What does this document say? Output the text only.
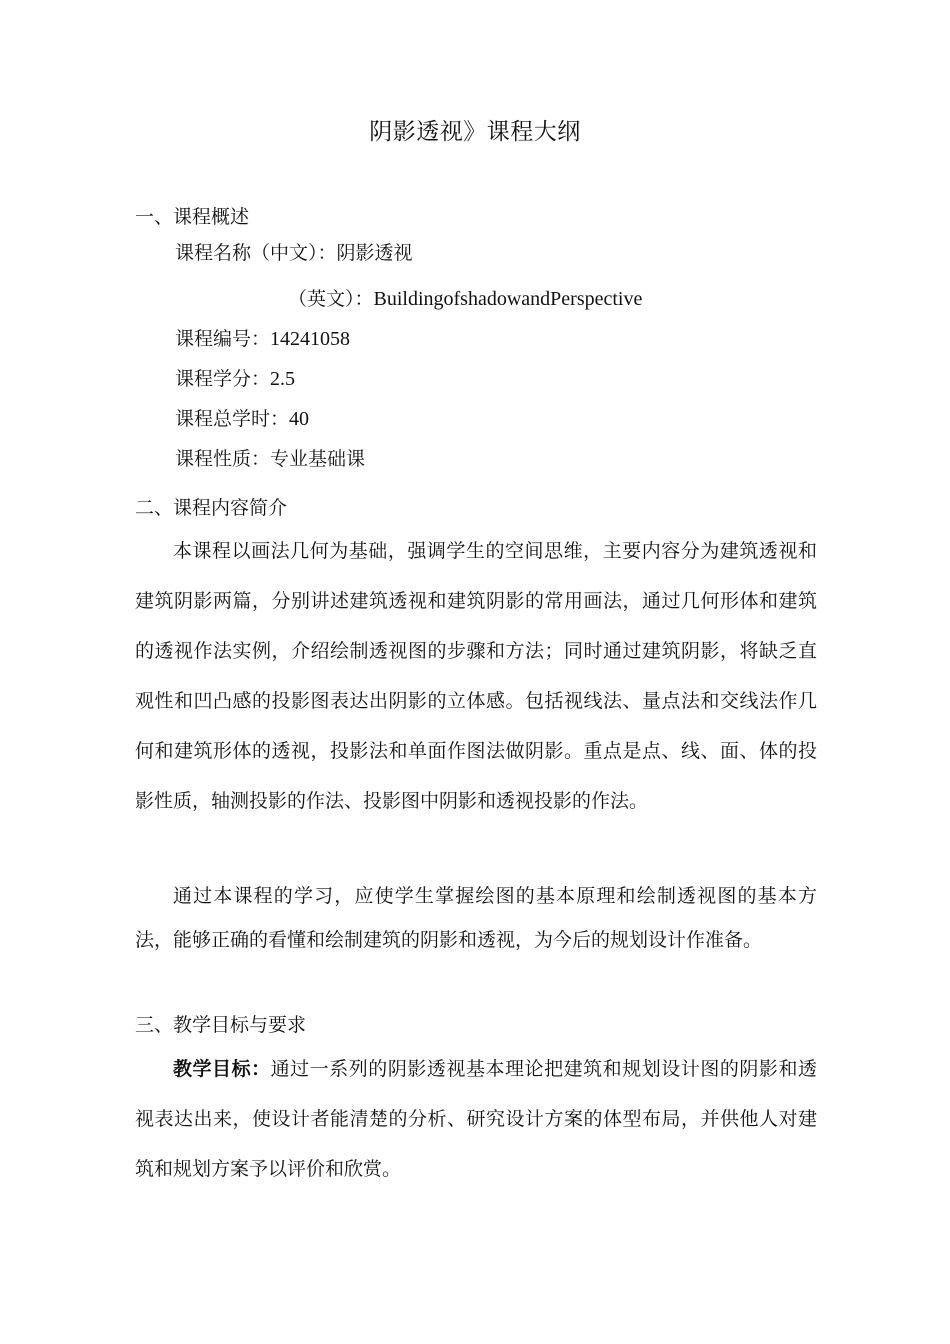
阴影透视》课程大纲
一、课程概述
课程名称（中文）：阴影透视
（英文）：BuildingofshadowandPerspective
课程编号：14241058
课程学分：2.5
课程总学时：40
课程性质：专业基础课
二、课程内容简介
本课程以画法几何为基础，强调学生的空间思维，主要内容分为建筑透视和建筑阴影两篇，分别讲述建筑透视和建筑阴影的常用画法，通过几何形体和建筑的透视作法实例，介绍绘制透视图的步骤和方法；同时通过建筑阴影，将缺乏直观性和凹凸感的投影图表达出阴影的立体感。包括视线法、量点法和交线法作几何和建筑形体的透视，投影法和单面作图法做阴影。重点是点、线、面、体的投影性质，轴测投影的作法、投影图中阴影和透视投影的作法。
通过本课程的学习，应使学生掌握绘图的基本原理和绘制透视图的基本方法，能够正确的看懂和绘制建筑的阴影和透视，为今后的规划设计作准备。
三、教学目标与要求
教学目标：通过一系列的阴影透视基本理论把建筑和规划设计图的阴影和透视表达出来，使设计者能清楚的分析、研究设计方案的体型布局，并供他人对建筑和规划方案予以评价和欣赏。
